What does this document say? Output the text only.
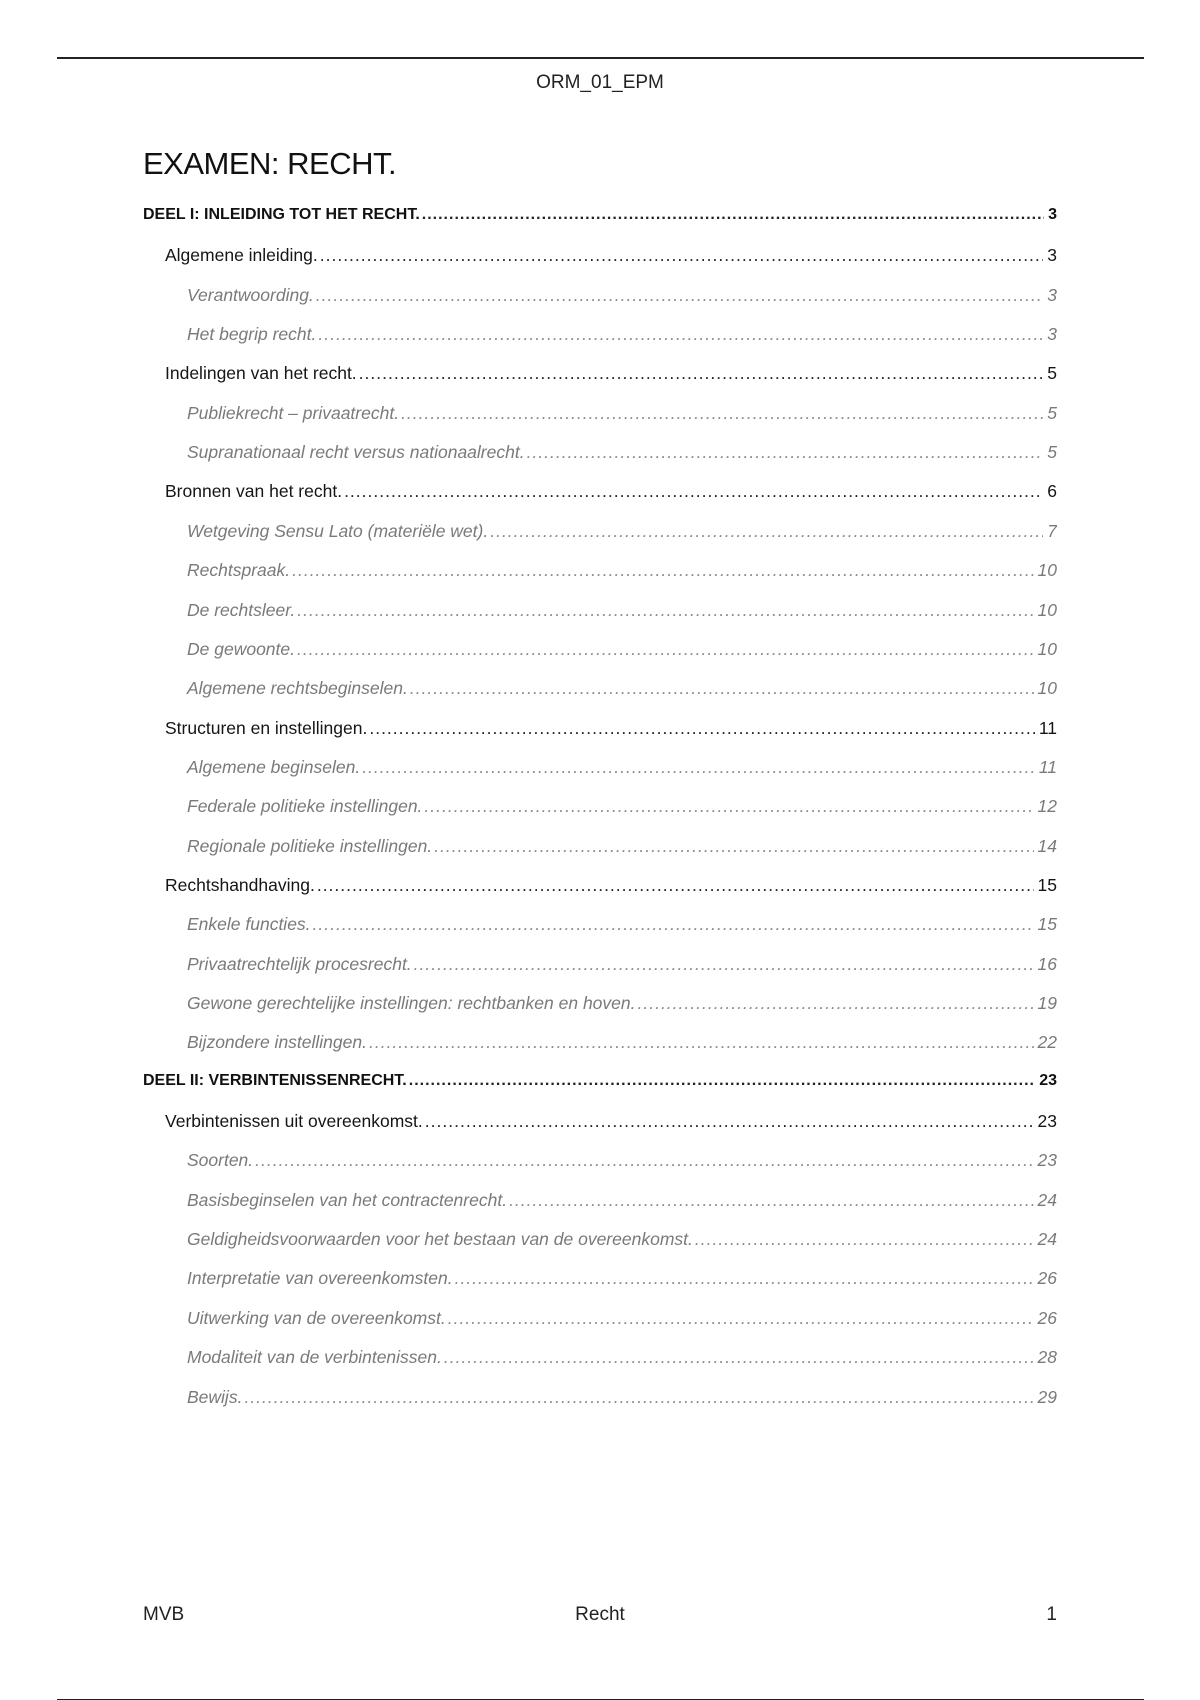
ORM_01_EPM
EXAMEN: RECHT.
DEEL I: INLEIDING TOT HET RECHT. .....	3
Algemene inleiding. .....	3
Verantwoording. .....	3
Het begrip recht. .....	3
Indelingen van het recht. .....	5
Publiekrecht – privaatrecht. .....	5
Supranationaal recht versus nationaalrecht. .....	5
Bronnen van het recht. .....	6
Wetgeving Sensu Lato (materiële wet). .....	7
Rechtspraak. .....	10
De rechtsleer. .....	10
De gewoonte. .....	10
Algemene rechtsbeginselen. .....	10
Structuren en instellingen. .....	11
Algemene beginselen. .....	11
Federale politieke instellingen. .....	12
Regionale politieke instellingen. .....	14
Rechtshandhaving. .....	15
Enkele functies. .....	15
Privaatrechtelijk procesrecht. .....	16
Gewone gerechtelijke instellingen: rechtbanken en hoven. .....	19
Bijzondere instellingen. .....	22
DEEL II: VERBINTENISSENRECHT. .....	23
Verbintenissen uit overeenkomst. .....	23
Soorten. .....	23
Basisbeginselen van het contractenrecht. .....	24
Geldigheidsvoorwaarden voor het bestaan van de overeenkomst. .....	24
Interpretatie van overeenkomsten. .....	26
Uitwerking van de overeenkomst. .....	26
Modaliteit van de verbintenissen. .....	28
Bewijs. .....	29
MVB	Recht	1
